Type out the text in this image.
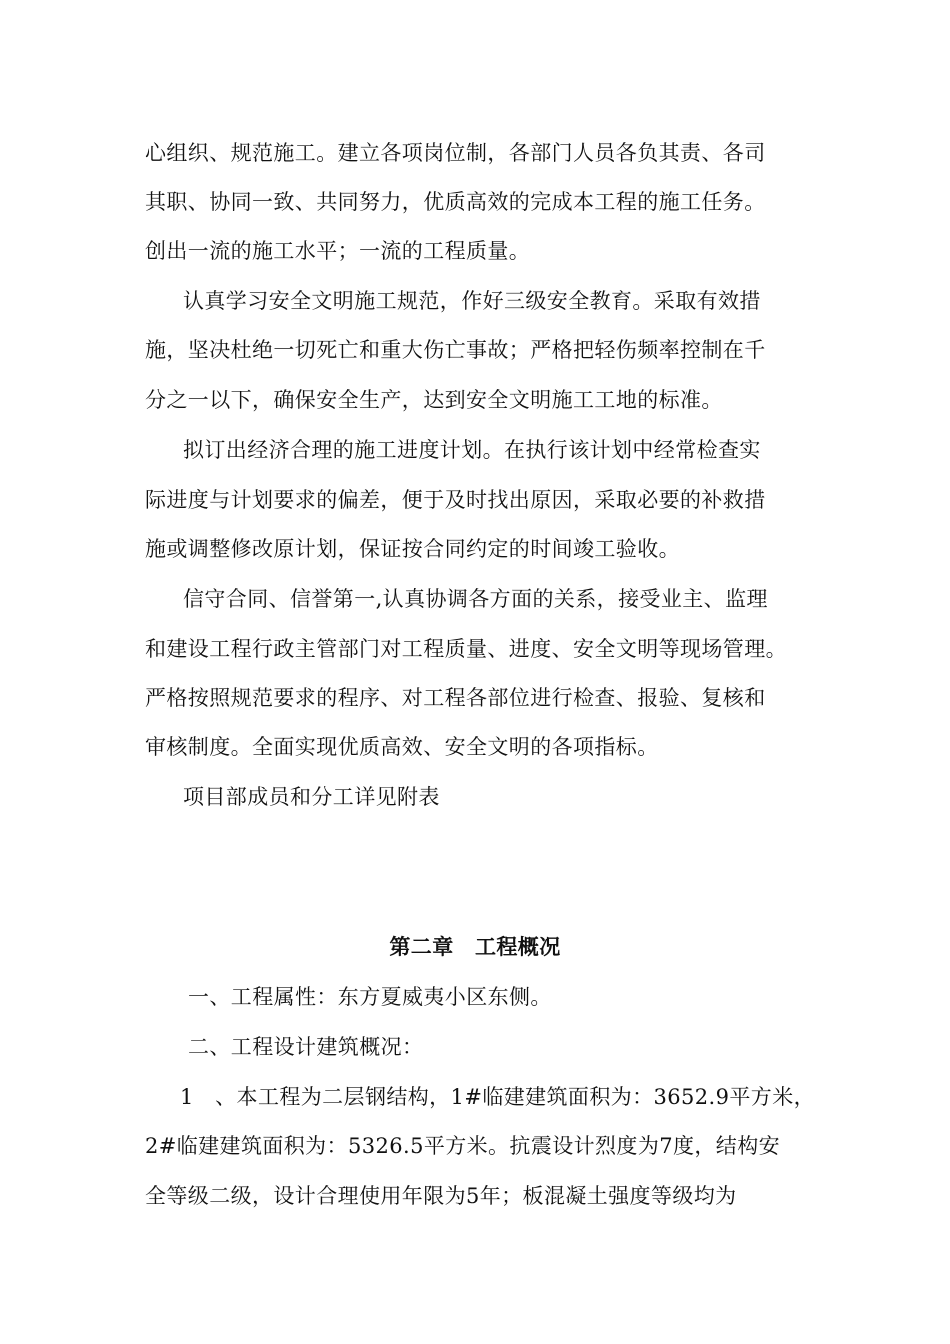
心组织、规范施工。建立各项岗位制，各部门人员各负其责、各司
其职、协同一致、共同努力，优质高效的完成本工程的施工任务。
创出一流的施工水平；一流的工程质量。
认真学习安全文明施工规范，作好三级安全教育。采取有效措
施，坚决杜绝一切死亡和重大伤亡事故；严格把轻伤频率控制在千
分之一以下，确保安全生产，达到安全文明施工工地的标准。
拟订出经济合理的施工进度计划。在执行该计划中经常检查实
际进度与计划要求的偏差，便于及时找出原因，采取必要的补救措
施或调整修改原计划，保证按合同约定的时间竣工验收。
信守合同、信誉第一,认真协调各方面的关系，接受业主、监理
和建设工程行政主管部门对工程质量、进度、安全文明等现场管理。
严格按照规范要求的程序、对工程各部位进行检查、报验、复核和
审核制度。全面实现优质高效、安全文明的各项指标。
项目部成员和分工详见附表
第二章　工程概况
一、工程属性：东方夏威夷小区东侧。
二、工程设计建筑概况：
1　、本工程为二层钢结构，1#临建建筑面积为：3652.9平方米，
2#临建建筑面积为：5326.5平方米。抗震设计烈度为7度，结构安
全等级二级，设计合理使用年限为5年；板混凝土强度等级均为
